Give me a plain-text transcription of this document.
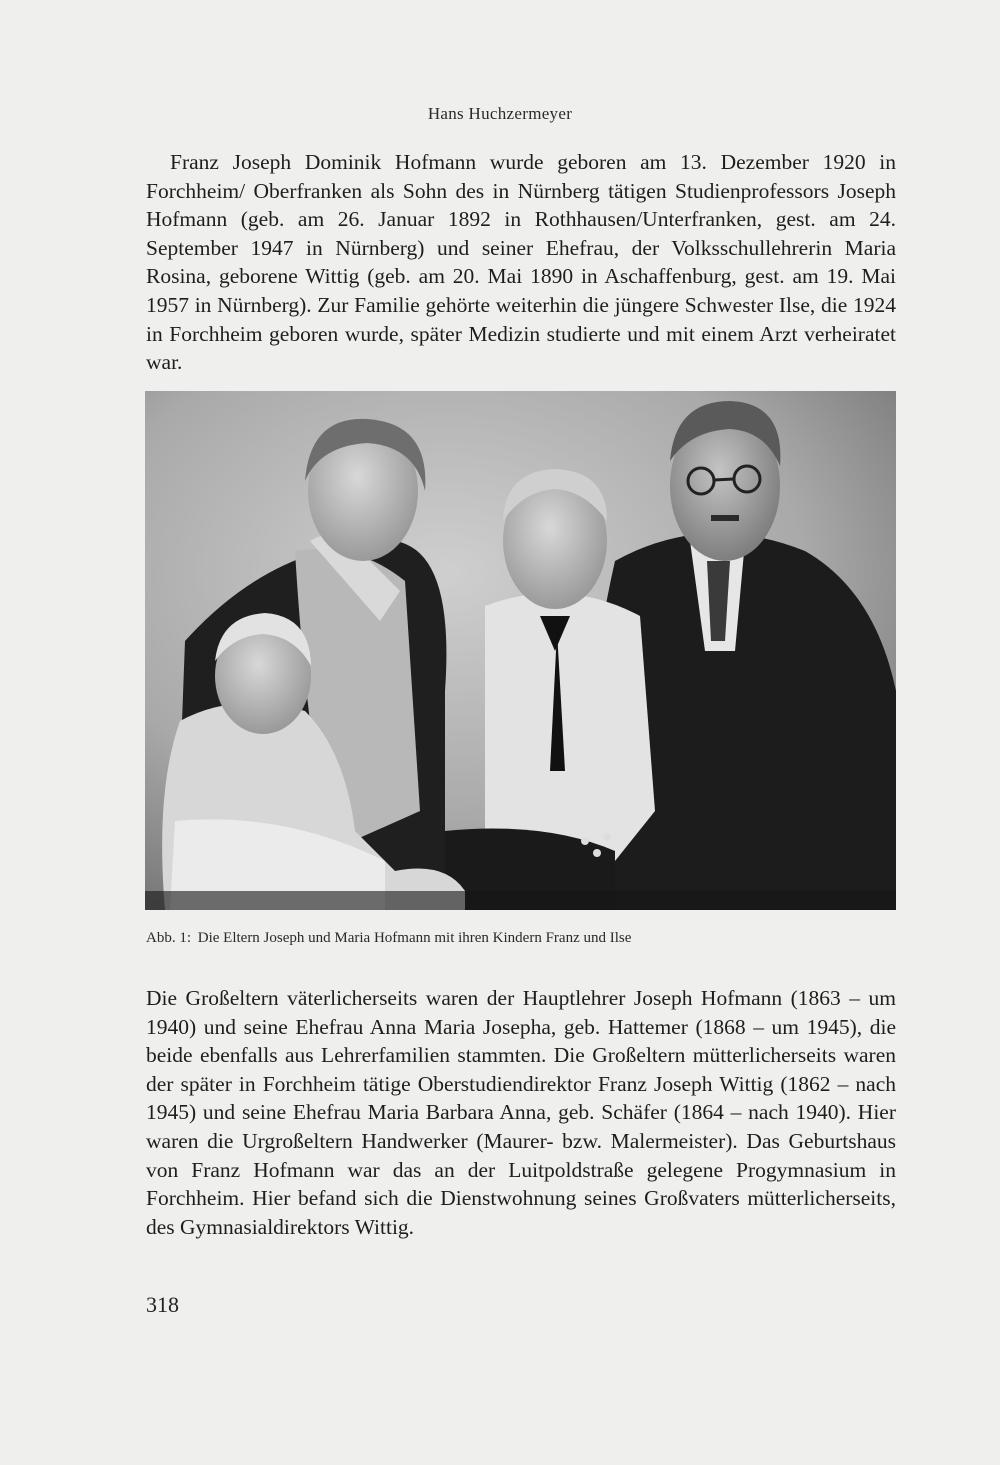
Hans Huchzermeyer

Franz Joseph Dominik Hofmann wurde geboren am 13. Dezember 1920 in Forchheim/ Oberfranken als Sohn des in Nürnberg tätigen Studienprofessors Joseph Hofmann (geb. am 26. Januar 1892 in Rothhausen/Unterfranken, gest. am 24. September 1947 in Nürnberg) und seiner Ehefrau, der Volksschullehrerin Maria Rosina, geborene Wittig (geb. am 20. Mai 1890 in Aschaffenburg, gest. am 19. Mai 1957 in Nürnberg). Zur Familie gehörte weiterhin die jüngere Schwester Ilse, die 1924 in Forchheim geboren wurde, später Medizin studierte und mit einem Arzt verheiratet war.

Abb. 1: Die Eltern Joseph und Maria Hofmann mit ihren Kindern Franz und Ilse

Die Großeltern väterlicherseits waren der Hauptlehrer Joseph Hofmann (1863 – um 1940) und seine Ehefrau Anna Maria Josepha, geb. Hattemer (1868 – um 1945), die beide ebenfalls aus Lehrerfamilien stammten. Die Großeltern mütterlicherseits waren der später in Forchheim tätige Oberstudiendirektor Franz Joseph Wittig (1862 – nach 1945) und seine Ehefrau Maria Barbara Anna, geb. Schäfer (1864 – nach 1940). Hier waren die Urgroßeltern Handwerker (Maurer- bzw. Malermeister). Das Geburtshaus von Franz Hofmann war das an der Luitpoldstraße gelegene Progymnasium in Forchheim. Hier befand sich die Dienstwohnung seines Großvaters mütterlicherseits, des Gymnasialdirektors Wittig.

318
